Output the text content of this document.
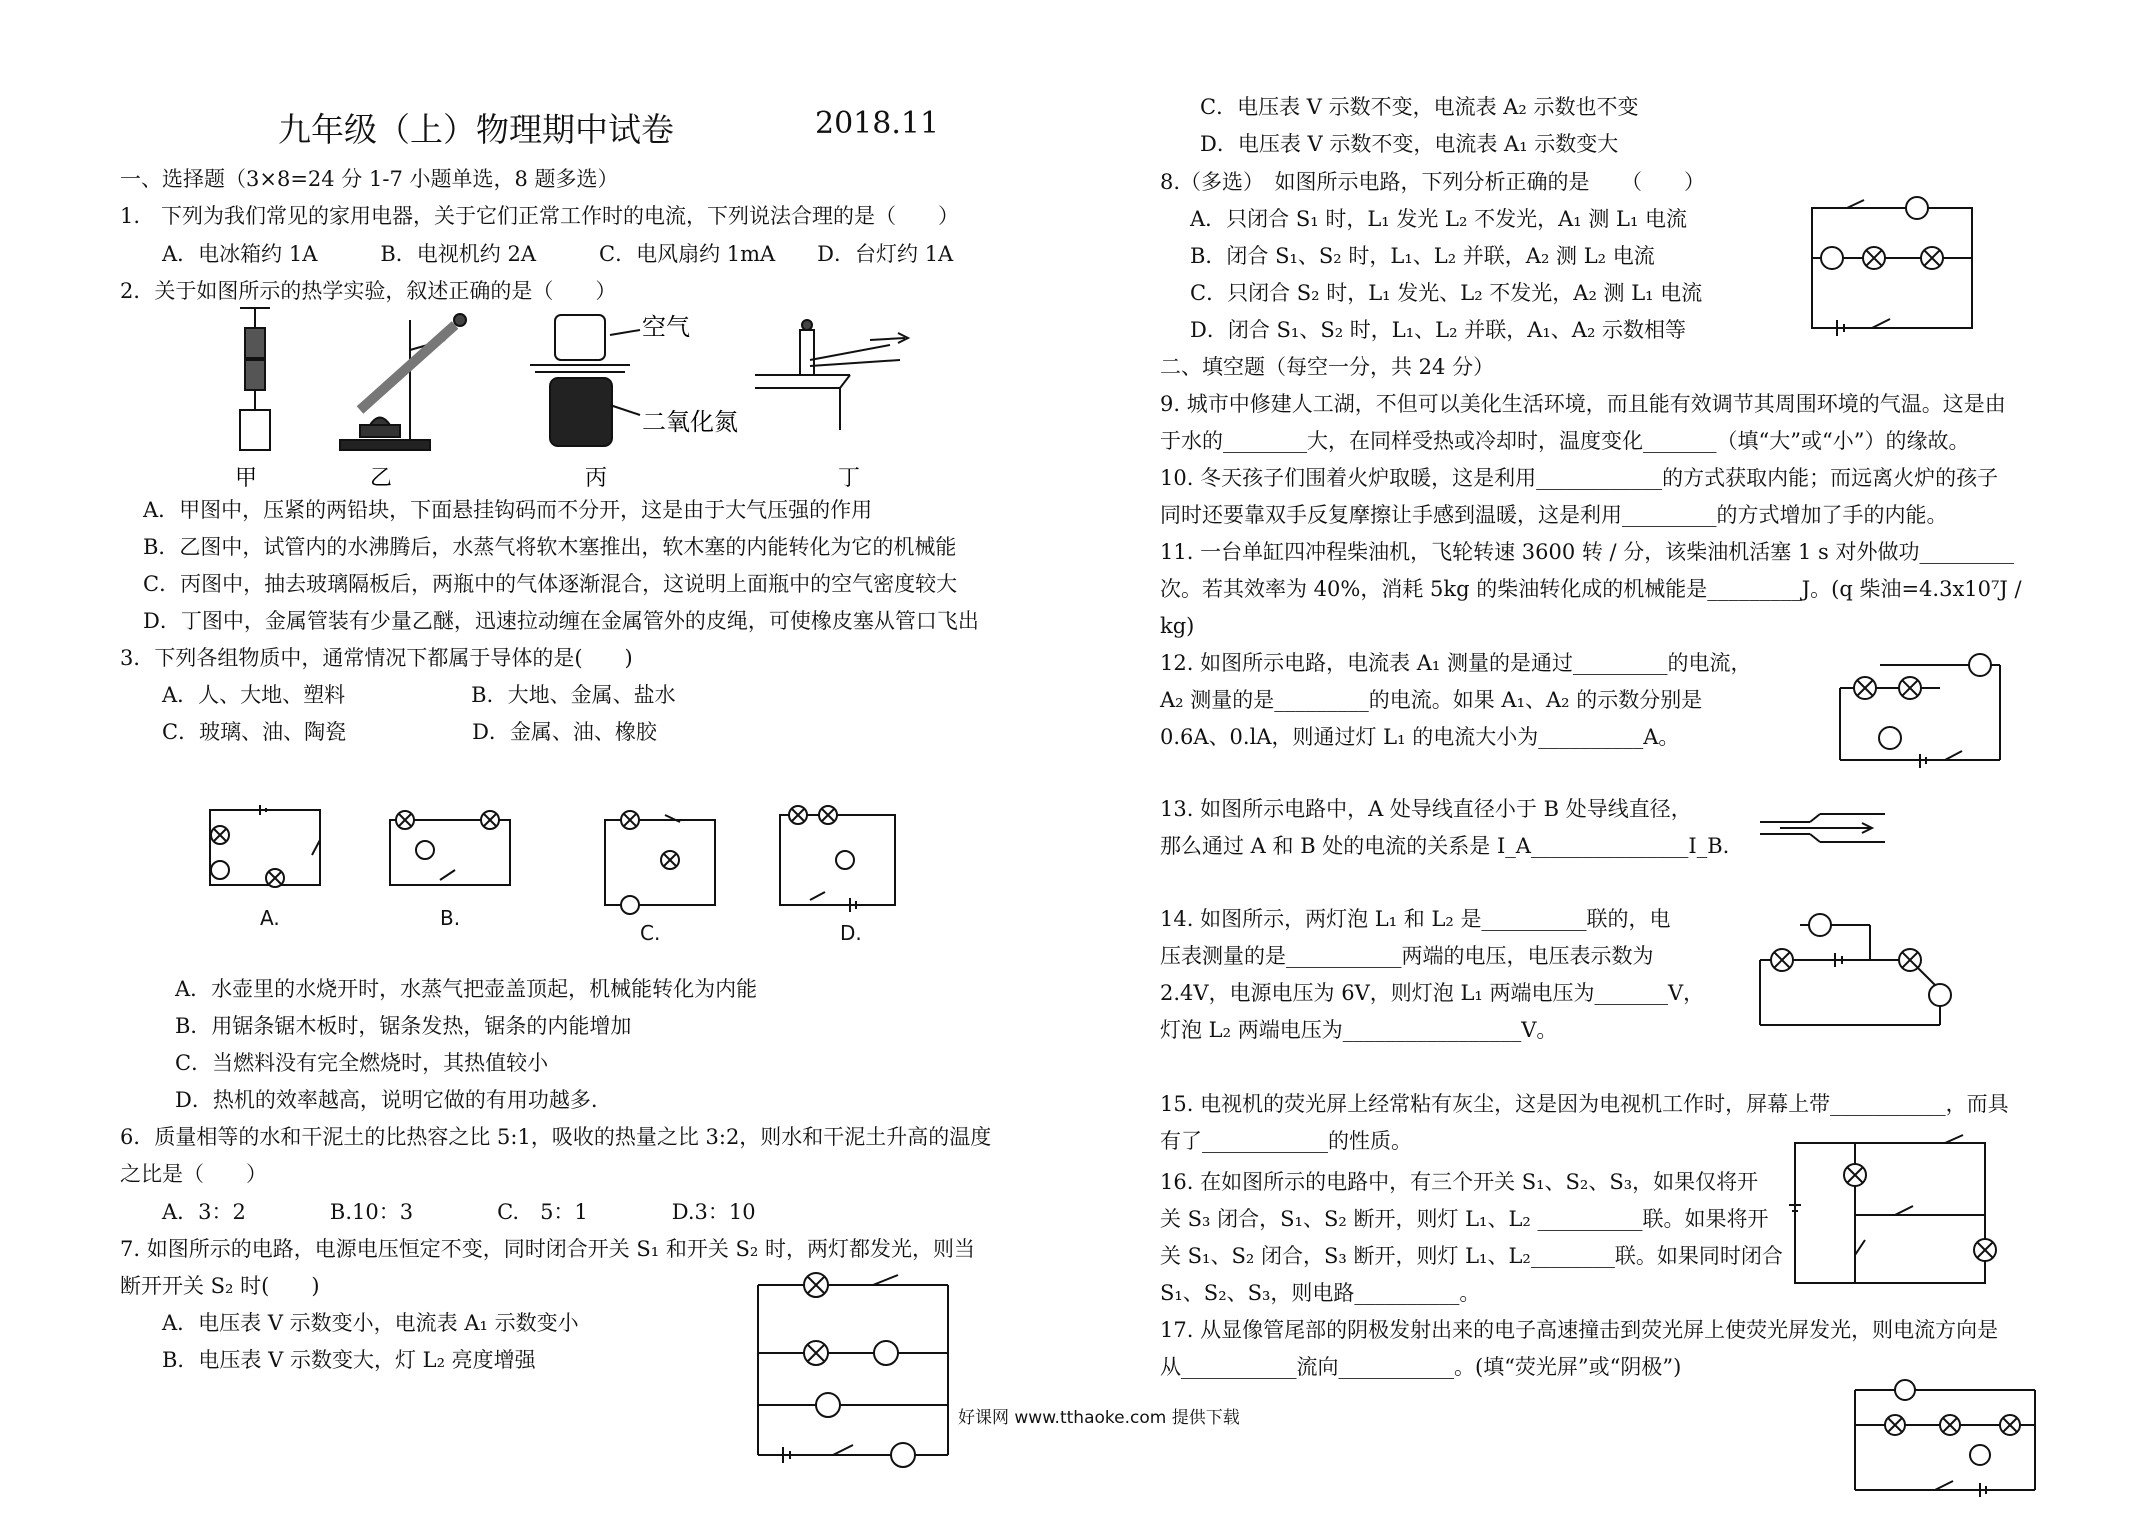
九年级（上）物理期中试卷	2018.11
一、选择题（3×8=24 分 1-7 小题单选，8 题多选）
1.　下列为我们常见的家用电器，关于它们正常工作时的电流，下列说法合理的是（　　）
A．电冰箱约 1A　　　B．电视机约 2A　　　C．电风扇约 1mA　　D．台灯约 1A
2．关于如图所示的热学实验，叙述正确的是（　　）
A．甲图中，压紧的两铅块，下面悬挂钩码而不分开，这是由于大气压强的作用
B．乙图中，试管内的水沸腾后，水蒸气将软木塞推出，软木塞的内能转化为它的机械能
C．丙图中，抽去玻璃隔板后，两瓶中的气体逐渐混合，这说明上面瓶中的空气密度较大
D．丁图中，金属管装有少量乙醚，迅速拉动缠在金属管外的皮绳，可使橡皮塞从管口飞出
3．下列各组物质中，通常情况下都属于导体的是(　　)
A．人、大地、塑料　　　　　　B．大地、金属、盐水
C．玻璃、油、陶瓷　　　　　　D．金属、油、橡胶
A．水壶里的水烧开时，水蒸气把壶盖顶起，机械能转化为内能
B．用锯条锯木板时，锯条发热，锯条的内能增加
C．当燃料没有完全燃烧时，其热值较小
D．热机的效率越高，说明它做的有用功越多.
6．质量相等的水和干泥土的比热容之比 5:1，吸收的热量之比 3:2，则水和干泥土升高的温度
之比是（　　）
A．3：2　　　　B.10：3　　　　C.　5：1　　　　D.3：10
7. 如图所示的电路，电源电压恒定不变，同时闭合开关 S₁ 和开关 S₂ 时，两灯都发光，则当
断开开关 S₂ 时(　　)
A．电压表 V 示数变小，电流表 A₁ 示数变小
B．电压表 V 示数变大，灯 L₂ 亮度增强
空气
二氧化氮
甲	乙	丙	丁
A.	B.
C.	D.
C．电压表 V 示数不变，电流表 A₂ 示数也不变
D．电压表 V 示数不变，电流表 A₁ 示数变大
8.（多选）　如图所示电路，下列分析正确的是　　（　　）
A．只闭合 S₁ 时，L₁ 发光 L₂ 不发光，A₁ 测 L₁ 电流
B．闭合 S₁、S₂ 时，L₁、L₂ 并联，A₂ 测 L₂ 电流
C．只闭合 S₂ 时，L₁ 发光、L₂ 不发光，A₂ 测 L₁ 电流
D．闭合 S₁、S₂ 时，L₁、L₂ 并联，A₁、A₂ 示数相等
二、填空题（每空一分，共 24 分）
9. 城市中修建人工湖，不但可以美化生活环境，而且能有效调节其周围环境的气温。这是由
于水的________大，在同样受热或冷却时，温度变化_______（填“大”或“小”）的缘故。
10. 冬天孩子们围着火炉取暖，这是利用____________的方式获取内能；而远离火炉的孩子
同时还要靠双手反复摩擦让手感到温暖，这是利用_________的方式增加了手的内能。
11. 一台单缸四冲程柴油机，飞轮转速 3600 转 / 分，该柴油机活塞 1 s 对外做功_________
次。若其效率为 40%，消耗 5kg 的柴油转化成的机械能是_________J。(q 柴油=4.3x10⁷J /
kg)
12. 如图所示电路，电流表 A₁ 测量的是通过_________的电流，
A₂ 测量的是_________的电流。如果 A₁、A₂ 的示数分别是
0.6A、0.lA，则通过灯 L₁ 的电流大小为__________A。
13. 如图所示电路中，A 处导线直径小于 B 处导线直径，
那么通过 A 和 B 处的电流的关系是 I_A_______________I_B.
14. 如图所示，两灯泡 L₁ 和 L₂ 是__________联的，电
压表测量的是___________两端的电压，电压表示数为
2.4V，电源电压为 6V，则灯泡 L₁ 两端电压为_______V，
灯泡 L₂ 两端电压为_________________V。
15. 电视机的荧光屏上经常粘有灰尘，这是因为电视机工作时，屏幕上带___________，而具
有了____________的性质。
16. 在如图所示的电路中，有三个开关 S₁、S₂、S₃，如果仅将开
关 S₃ 闭合，S₁、S₂ 断开，则灯 L₁、L₂ __________联。如果将开
关 S₁、S₂ 闭合，S₃ 断开，则灯 L₁、L₂________联。如果同时闭合
S₁、S₂、S₃，则电路__________。
17. 从显像管尾部的阴极发射出来的电子高速撞击到荧光屏上使荧光屏发光，则电流方向是
从___________流向___________。(填“荧光屏”或“阴极”)
好课网 www.tthaoke.com 提供下载
